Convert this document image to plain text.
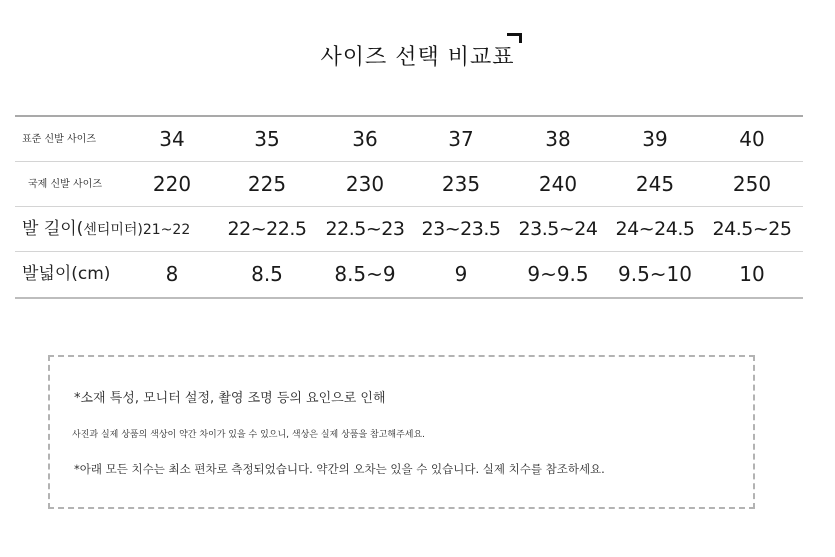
사이즈 선택 비교표
표준 신발 사이즈	34	35	36	37	38	39	40
국제 신발 사이즈	220	225	230	235	240	245	250
발 길이(센티미터)21~22	22~22.5	22.5~23 23~23.5 23.5~24 24~24.5 24.5~25
발넓이(cm)	8	8.5	8.5~9	9	9~9.5	9.5~10	10
*소재 특성, 모니터 설정, 촬영 조명 등의 요인으로 인해
사진과 실제 상품의 색상이 약간 차이가 있을 수 있으니, 색상은 실제 상품을 참고해주세요.
*아래 모든 치수는 최소 편차로 측정되었습니다. 약간의 오차는 있을 수 있습니다. 실제 치수를 참조하세요.
